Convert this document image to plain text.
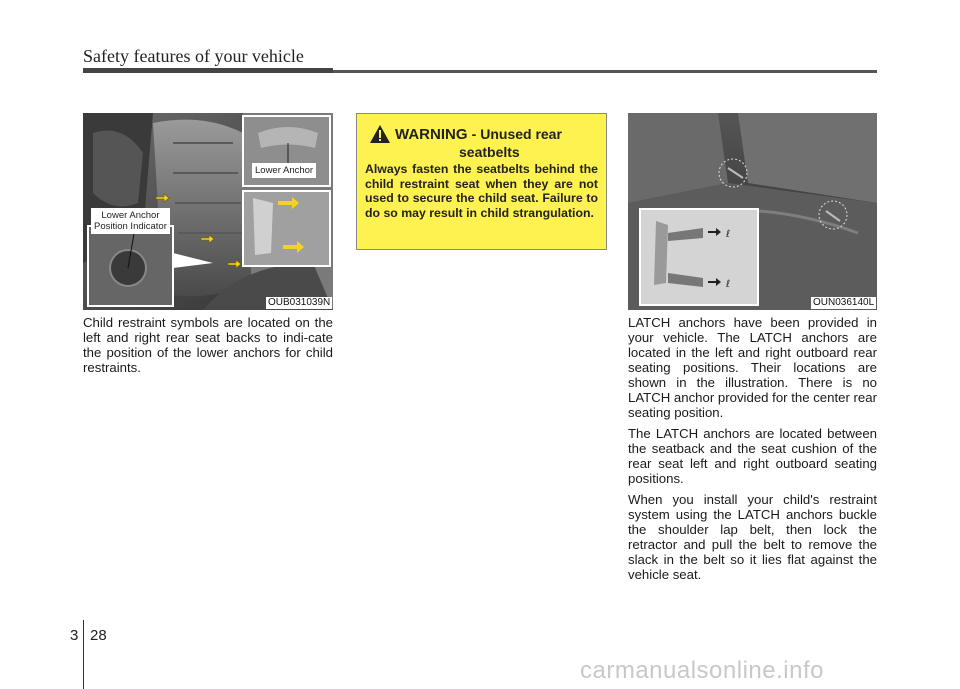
Safety features of your vehicle
Lower Anchor
Lower Anchor
Position Indicator
OUB031039N
Child restraint symbols are located on the left and right rear seat backs to indi-cate the position of the lower anchors for child restraints.
WARNING - Unused rear
seatbelts
Always fasten the seatbelts behind the child restraint seat when they are not used to secure the child seat. Failure to do so may result in child strangulation.
ℓ
ℓ
OUN036140L

LATCH anchors have been provided in your vehicle. The LATCH anchors are located in the left and right outboard rear seating positions. Their locations are shown in the illustration. There is no LATCH anchor provided for the center rear seating position.

The LATCH anchors are located between the seatback and the seat cushion of the rear seat left and right outboard seating positions.

When you install your child's restraint system using the LATCH anchors buckle the shoulder lap belt, then lock the retractor and pull the belt to remove the slack in the belt so it lies flat against the vehicle seat.

3 28
carmanualsonline.info
